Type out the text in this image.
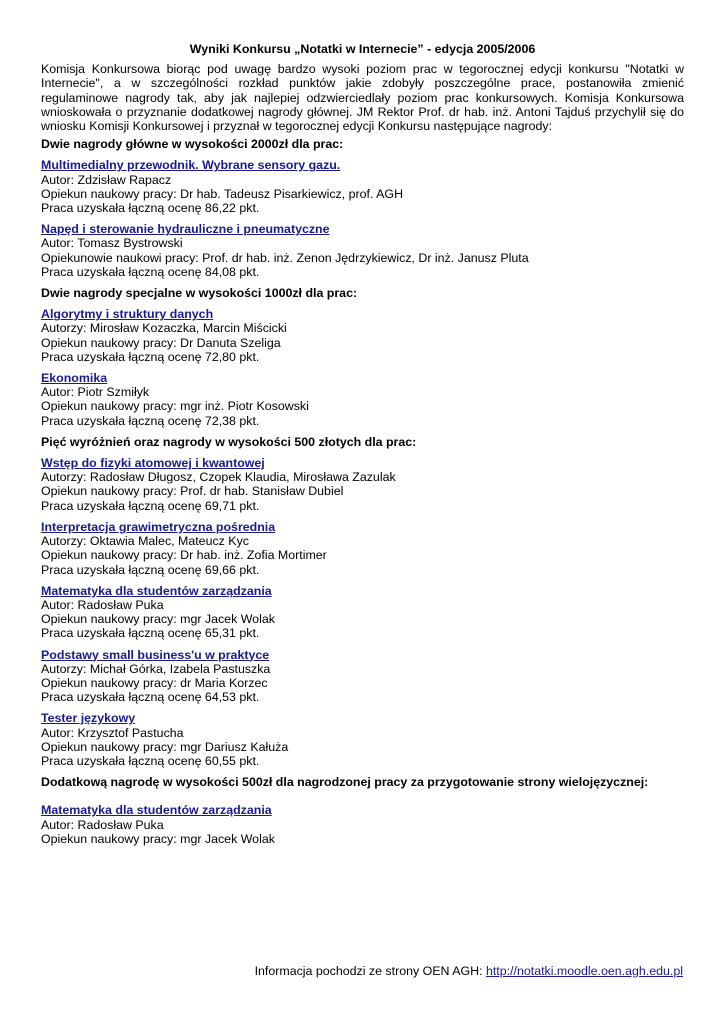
Wyniki Konkursu „Notatki w Internecie” - edycja 2005/2006
Komisja Konkursowa biorąc pod uwagę bardzo wysoki poziom prac w tegorocznej edycji konkursu "Notatki w Internecie", a w szczególności rozkład punktów jakie zdobyły poszczególne prace, postanowiła zmienić regulaminowe nagrody tak, aby jak najlepiej odzwierciedlały poziom prac konkursowych. Komisja Konkursowa wnioskowała o przyznanie dodatkowej nagrody głównej. JM Rektor Prof. dr hab. inż. Antoni Tajduś przychylił się do wniosku Komisji Konkursowej i przyznał w tegorocznej edycji Konkursu następujące nagrody:
Dwie nagrody główne w wysokości 2000zł dla prac:
Multimedialny przewodnik. Wybrane sensory gazu.
Autor: Zdzisław Rapacz
Opiekun naukowy pracy: Dr hab. Tadeusz Pisarkiewicz, prof. AGH
Praca uzyskała łączną ocenę 86,22 pkt.
Napęd i sterowanie hydrauliczne i pneumatyczne
Autor: Tomasz Bystrowski
Opiekunowie naukowi pracy: Prof. dr hab. inż. Zenon Jędrzykiewicz, Dr inż. Janusz Pluta
Praca uzyskała łączną ocenę 84,08 pkt.
Dwie nagrody specjalne w wysokości 1000zł dla prac:
Algorytmy i struktury danych
Autorzy: Mirosław Kozaczka, Marcin Miścicki
Opiekun naukowy pracy: Dr Danuta Szeliga
Praca uzyskała łączną ocenę 72,80 pkt.
Ekonomika
Autor: Piotr Szmiłyk
Opiekun naukowy pracy: mgr inż. Piotr Kosowski
Praca uzyskała łączną ocenę 72,38 pkt.
Pięć wyróżnień oraz nagrody w wysokości 500 złotych dla prac:
Wstęp do fizyki atomowej i kwantowej
Autorzy: Radosław Długosz, Czopek Klaudia, Mirosława Zazulak
Opiekun naukowy pracy: Prof. dr hab. Stanisław Dubiel
Praca uzyskała łączną ocenę 69,71 pkt.
Interpretacja grawimetryczna pośrednia
Autorzy: Oktawia Malec, Mateucz Kyc
Opiekun naukowy pracy: Dr hab. inż. Zofia Mortimer
Praca uzyskała łączną ocenę 69,66 pkt.
Matematyka dla studentów zarządzania
Autor: Radosław Puka
Opiekun naukowy pracy: mgr Jacek Wolak
Praca uzyskała łączną ocenę 65,31 pkt.
Podstawy small business'u w praktyce
Autorzy: Michał Górka, Izabela Pastuszka
Opiekun naukowy pracy: dr Maria Korzec
Praca uzyskała łączną ocenę 64,53 pkt.
Tester językowy
Autor: Krzysztof Pastucha
Opiekun naukowy pracy: mgr Dariusz Kałuża
Praca uzyskała łączną ocenę 60,55 pkt.
Dodatkową nagrodę w wysokości 500zł dla nagrodzonej pracy za przygotowanie strony wielojęzycznej:
Matematyka dla studentów zarządzania
Autor: Radosław Puka
Opiekun naukowy pracy: mgr Jacek Wolak
Informacja pochodzi ze strony OEN AGH: http://notatki.moodle.oen.agh.edu.pl
